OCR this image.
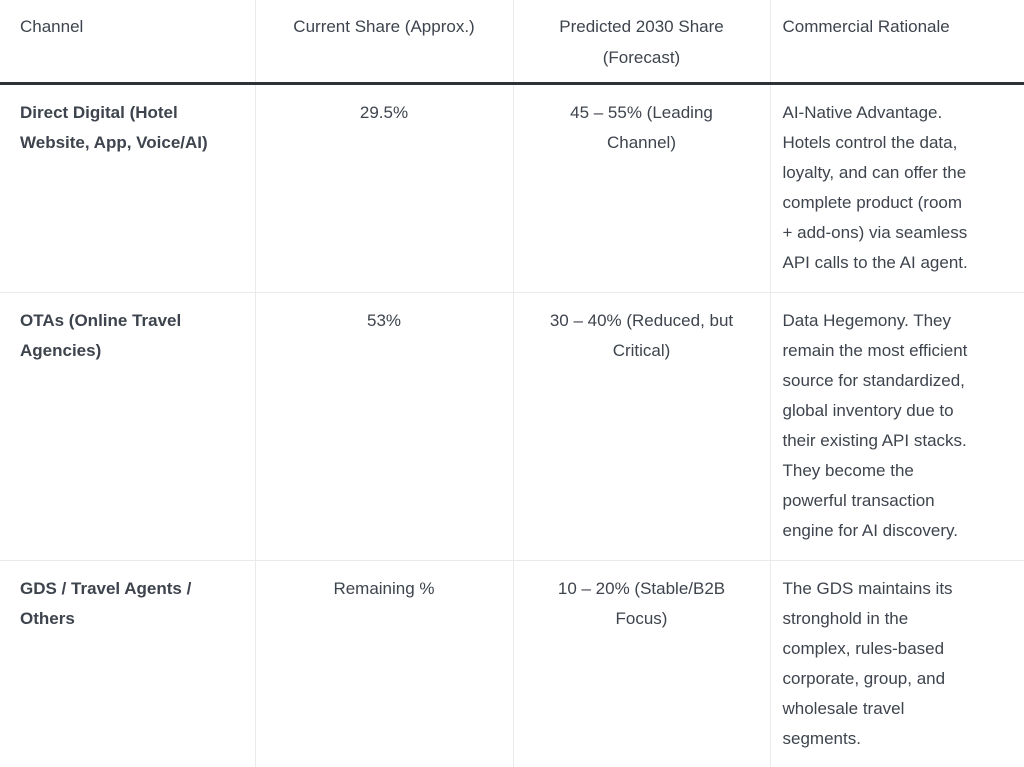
Channel	Current Share (Approx.)	Predicted 2030 Share (Forecast)	Commercial Rationale
Direct Digital (Hotel Website, App, Voice/AI)	29.5%	45 – 55% (Leading Channel)	AI-Native Advantage. Hotels control the data, loyalty, and can offer the complete product (room + add-ons) via seamless API calls to the AI agent.
OTAs (Online Travel Agencies)	53%	30 – 40% (Reduced, but Critical)	Data Hegemony. They remain the most efficient source for standardized, global inventory due to their existing API stacks. They become the powerful transaction engine for AI discovery.
GDS / Travel Agents / Others	Remaining %	10 – 20% (Stable/B2B Focus)	The GDS maintains its stronghold in the complex, rules-based corporate, group, and wholesale travel segments.
